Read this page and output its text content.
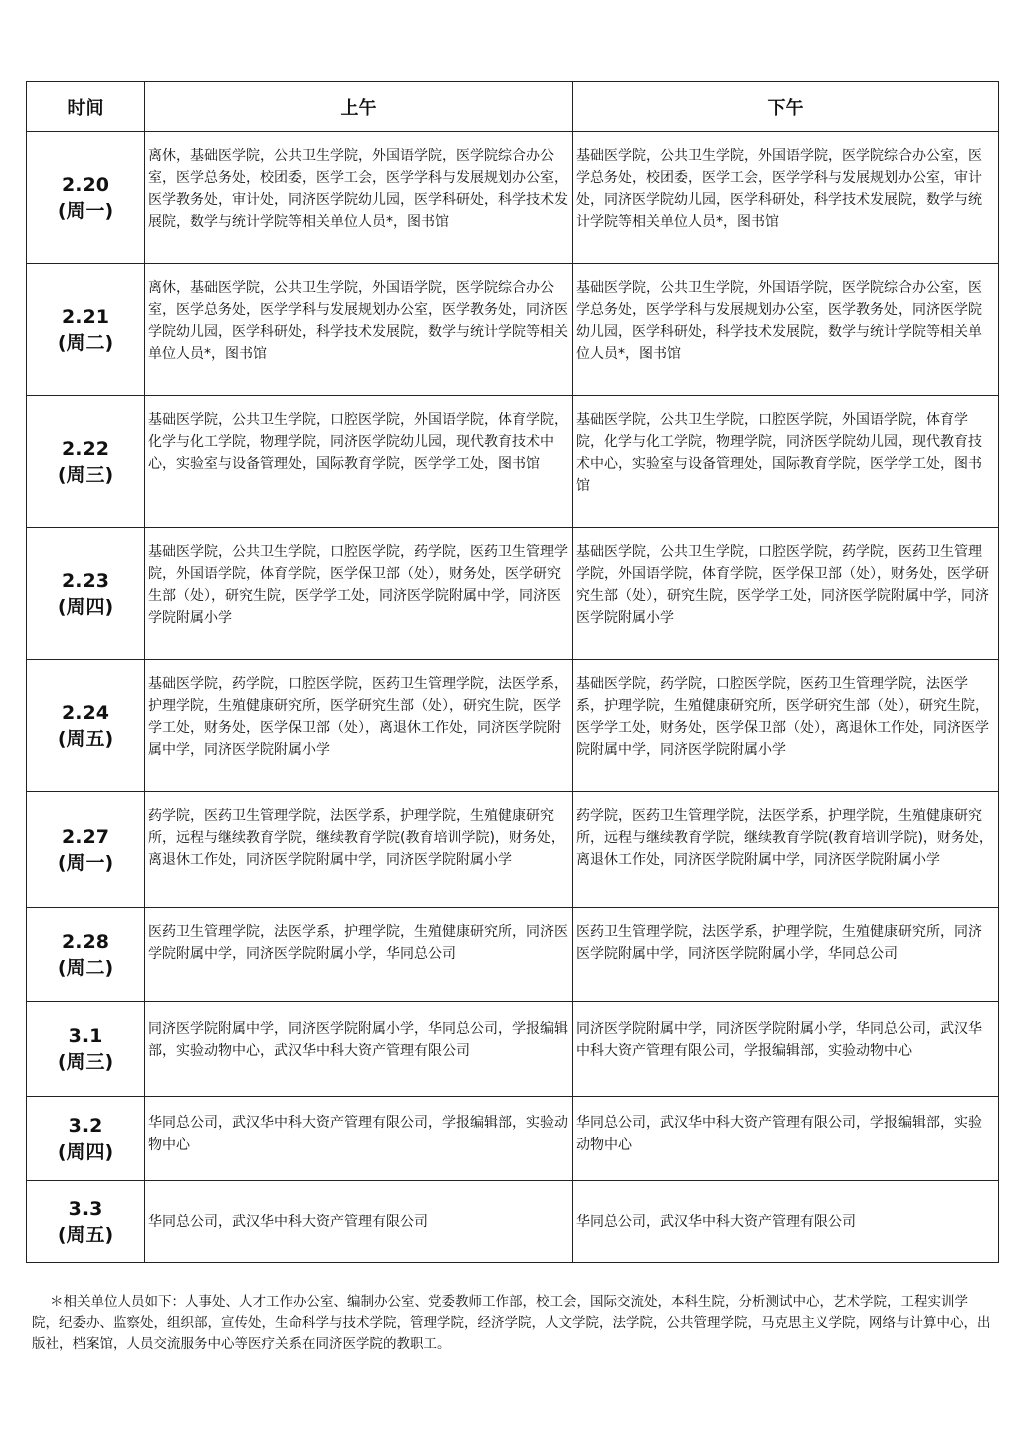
时间	上午	下午

2.20
(周一)	离休，基础医学院，公共卫生学院，外国语学院，医学院综合办公室，医学总务处，校团委，医学工会，医学学科与发展规划办公室，医学教务处，审计处，同济医学院幼儿园，医学科研处，科学技术发展院，数学与统计学院等相关单位人员*，图书馆	基础医学院，公共卫生学院，外国语学院，医学院综合办公室，医学总务处，校团委，医学工会，医学学科与发展规划办公室，审计处，同济医学院幼儿园，医学科研处，科学技术发展院，数学与统计学院等相关单位人员*，图书馆

2.21
(周二)	离休，基础医学院，公共卫生学院，外国语学院，医学院综合办公室，医学总务处，医学学科与发展规划办公室，医学教务处，同济医学院幼儿园，医学科研处，科学技术发展院，数学与统计学院等相关单位人员*，图书馆	基础医学院，公共卫生学院，外国语学院，医学院综合办公室，医学总务处，医学学科与发展规划办公室，医学教务处，同济医学院幼儿园，医学科研处，科学技术发展院，数学与统计学院等相关单位人员*，图书馆

2.22
(周三)	基础医学院，公共卫生学院，口腔医学院，外国语学院，体育学院，化学与化工学院，物理学院，同济医学院幼儿园，现代教育技术中心，实验室与设备管理处，国际教育学院，医学学工处，图书馆	基础医学院，公共卫生学院，口腔医学院，外国语学院，体育学院，化学与化工学院，物理学院，同济医学院幼儿园，现代教育技术中心，实验室与设备管理处，国际教育学院，医学学工处，图书馆

2.23
(周四)	基础医学院，公共卫生学院，口腔医学院，药学院，医药卫生管理学院，外国语学院，体育学院，医学保卫部（处），财务处，医学研究生部（处），研究生院，医学学工处，同济医学院附属中学，同济医学院附属小学	基础医学院，公共卫生学院，口腔医学院，药学院，医药卫生管理学院，外国语学院，体育学院，医学保卫部（处），财务处，医学研究生部（处），研究生院，医学学工处，同济医学院附属中学，同济医学院附属小学

2.24
(周五)	基础医学院，药学院，口腔医学院，医药卫生管理学院，法医学系，护理学院，生殖健康研究所，医学研究生部（处），研究生院，医学学工处，财务处，医学保卫部（处），离退休工作处，同济医学院附属中学，同济医学院附属小学	基础医学院，药学院，口腔医学院，医药卫生管理学院，法医学系，护理学院，生殖健康研究所，医学研究生部（处），研究生院，医学学工处，财务处，医学保卫部（处），离退休工作处，同济医学院附属中学，同济医学院附属小学

2.27
(周一)	药学院，医药卫生管理学院，法医学系，护理学院，生殖健康研究所，远程与继续教育学院，继续教育学院(教育培训学院)，财务处，离退休工作处，同济医学院附属中学，同济医学院附属小学	药学院，医药卫生管理学院，法医学系，护理学院，生殖健康研究所，远程与继续教育学院，继续教育学院(教育培训学院)，财务处，离退休工作处，同济医学院附属中学，同济医学院附属小学

2.28
(周二)	医药卫生管理学院，法医学系，护理学院，生殖健康研究所，同济医学院附属中学，同济医学院附属小学，华同总公司	医药卫生管理学院，法医学系，护理学院，生殖健康研究所，同济医学院附属中学，同济医学院附属小学，华同总公司

3.1
(周三)	同济医学院附属中学，同济医学院附属小学，华同总公司，学报编辑部，实验动物中心，武汉华中科大资产管理有限公司	同济医学院附属中学，同济医学院附属小学，华同总公司，武汉华中科大资产管理有限公司，学报编辑部，实验动物中心

3.2
(周四)	华同总公司，武汉华中科大资产管理有限公司，学报编辑部，实验动物中心	华同总公司，武汉华中科大资产管理有限公司，学报编辑部，实验动物中心

3.3
(周五)	华同总公司，武汉华中科大资产管理有限公司	华同总公司，武汉华中科大资产管理有限公司
＊相关单位人员如下：人事处、人才工作办公室、编制办公室、党委教师工作部，校工会，国际交流处，本科生院，分析测试中心，艺术学院，工程实训学院，纪委办、监察处，组织部，宣传处，生命科学与技术学院，管理学院，经济学院，人文学院，法学院，公共管理学院，马克思主义学院，网络与计算中心，出版社，档案馆，人员交流服务中心等医疗关系在同济医学院的教职工。
